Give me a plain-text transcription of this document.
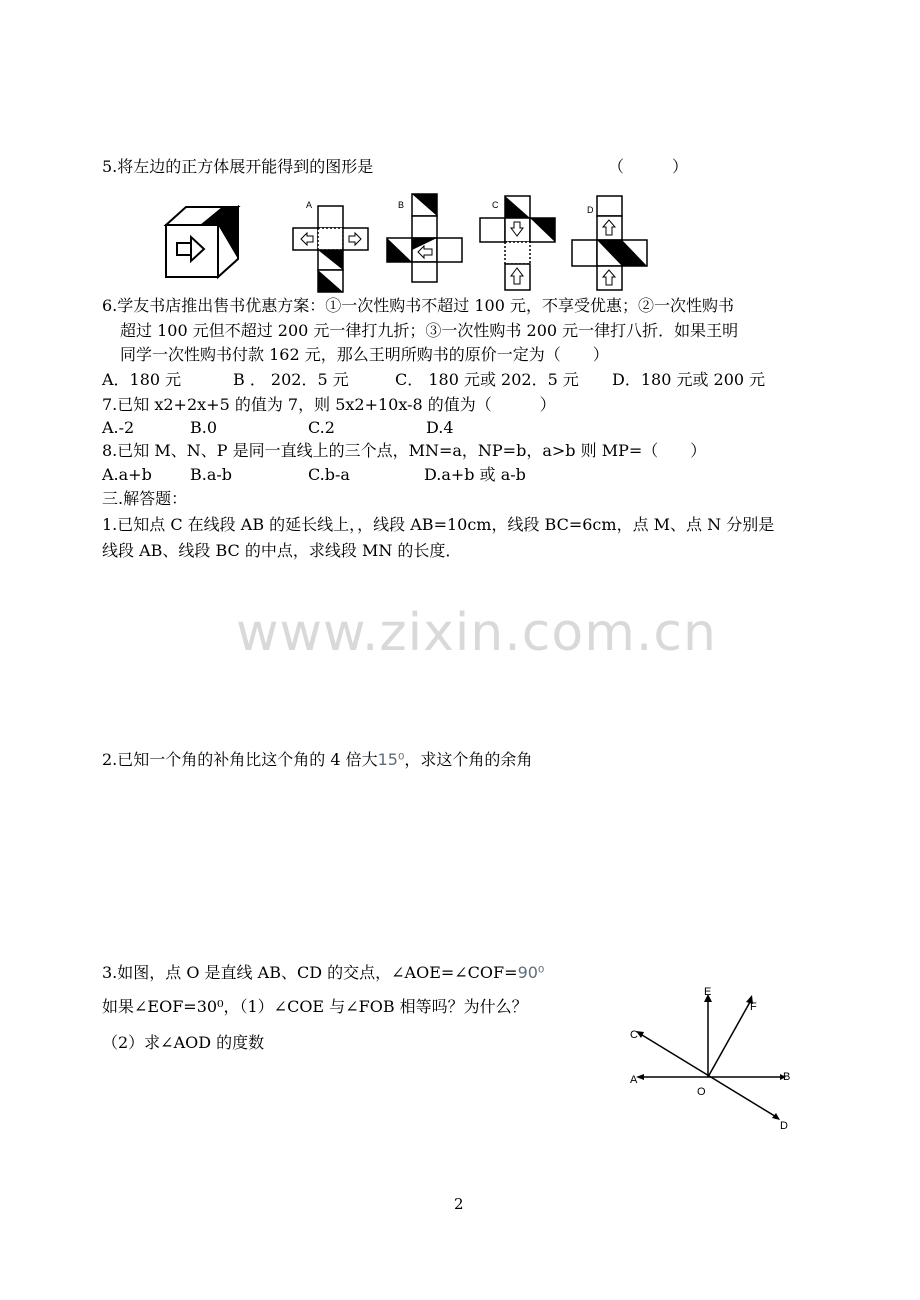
5.将左边的正方体展开能得到的图形是	（　　　）
A	B	C	D
6.学友书店推出售书优惠方案：①一次性购书不超过 100 元，不享受优惠；②一次性购书
超过 100 元但不超过 200 元一律打九折；③一次性购书 200 元一律打八折．如果王明
同学一次性购书付款 162 元，那么王明所购书的原价一定为（　　）
A．180 元	B ． 202．5 元	C． 180 元或 202．5 元 D．180 元或 200 元
7.已知 x2+2x+5 的值为 7，则 5x2+10x-8 的值为（　　　）
A.-2	B.0	C.2	D.4
8.已知 M、N、P 是同一直线上的三个点，MN=a，NP=b，a>b 则 MP=（　　）
A.a+b B.a-b	C.b-a	D.a+b 或 a-b
三.解答题：
1.已知点 C 在线段 AB 的延长线上，，线段 AB=10cm，线段 BC=6cm，点 M、点 N 分别是
线段 AB、线段 BC 的中点，求线段 MN 的长度．
www.zixin.com.cn
2.已知一个角的补角比这个角的 4 倍大15⁰，求这个角的余角
3.如图，点 O 是直线 AB、CD 的交点，∠AOE=∠COF=90⁰
如果∠EOF=30⁰，（1）∠COE 与∠FOB 相等吗？为什么？
（2）求∠AOD 的度数
E
F
C
A	B
O
D
2
